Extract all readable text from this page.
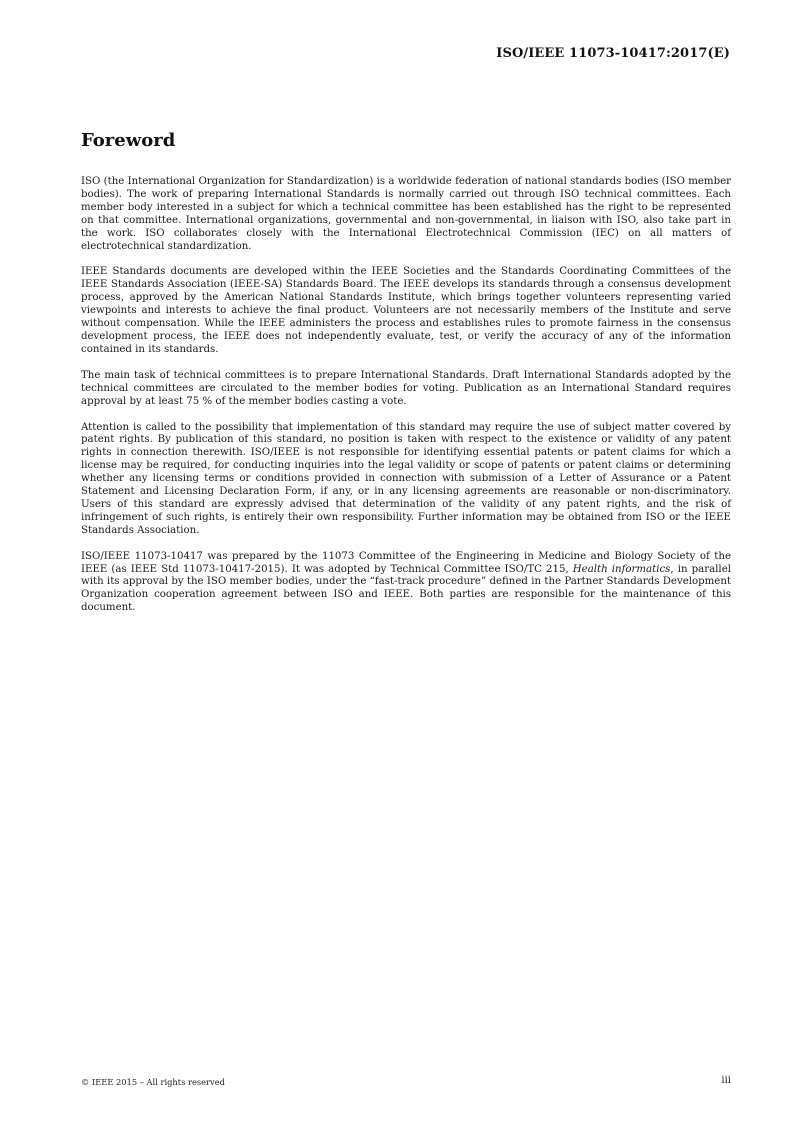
ISO/IEEE 11073-10417:2017(E)
Foreword

ISO (the International Organization for Standardization) is a worldwide federation of national standards bodies (ISO member bodies). The work of preparing International Standards is normally carried out through ISO technical committees. Each member body interested in a subject for which a technical committee has been established has the right to be represented on that committee. International organizations, governmental and non-governmental, in liaison with ISO, also take part in the work. ISO collaborates closely with the International Electrotechnical Commission (IEC) on all matters of electrotechnical standardization.

IEEE Standards documents are developed within the IEEE Societies and the Standards Coordinating Committees of the IEEE Standards Association (IEEE-SA) Standards Board. The IEEE develops its standards through a consensus development process, approved by the American National Standards Institute, which brings together volunteers representing varied viewpoints and interests to achieve the final product. Volunteers are not necessarily members of the Institute and serve without compensation. While the IEEE administers the process and establishes rules to promote fairness in the consensus development process, the IEEE does not independently evaluate, test, or verify the accuracy of any of the information contained in its standards.

The main task of technical committees is to prepare International Standards. Draft International Standards adopted by the technical committees are circulated to the member bodies for voting. Publication as an International Standard requires approval by at least 75 % of the member bodies casting a vote.

Attention is called to the possibility that implementation of this standard may require the use of subject matter covered by patent rights. By publication of this standard, no position is taken with respect to the existence or validity of any patent rights in connection therewith. ISO/IEEE is not responsible for identifying essential patents or patent claims for which a license may be required, for conducting inquiries into the legal validity or scope of patents or patent claims or determining whether any licensing terms or conditions provided in connection with submission of a Letter of Assurance or a Patent Statement and Licensing Declaration Form, if any, or in any licensing agreements are reasonable or non-discriminatory. Users of this standard are expressly advised that determination of the validity of any patent rights, and the risk of infringement of such rights, is entirely their own responsibility. Further information may be obtained from ISO or the IEEE Standards Association.

ISO/IEEE 11073-10417 was prepared by the 11073 Committee of the Engineering in Medicine and Biology Society of the IEEE (as IEEE Std 11073-10417-2015). It was adopted by Technical Committee ISO/TC 215, Health informatics, in parallel with its approval by the ISO member bodies, under the “fast-track procedure” defined in the Partner Standards Development Organization cooperation agreement between ISO and IEEE. Both parties are responsible for the maintenance of this document.

© IEEE 2015 – All rights reserved	iii
